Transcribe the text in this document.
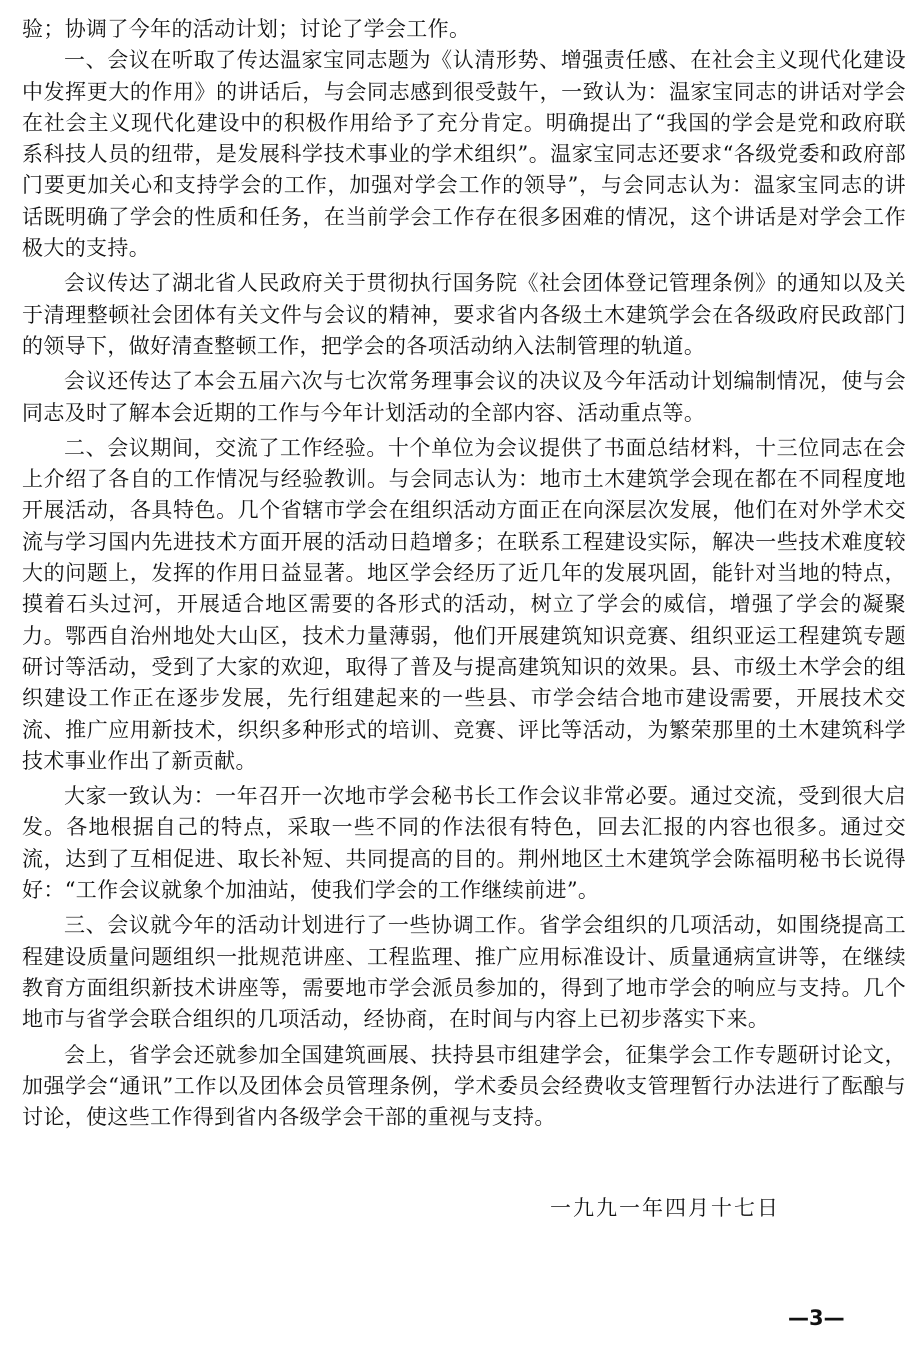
验；协调了今年的活动计划；讨论了学会工作。

一、会议在听取了传达温家宝同志题为《认清形势、增强责任感、在社会主义现代化建设中发挥更大的作用》的讲话后，与会同志感到很受鼓午，一致认为：温家宝同志的讲话对学会在社会主义现代化建设中的积极作用给予了充分肯定。明确提出了“我国的学会是党和政府联系科技人员的纽带，是发展科学技术事业的学术组织”。温家宝同志还要求“各级党委和政府部门要更加关心和支持学会的工作，加强对学会工作的领导”，与会同志认为：温家宝同志的讲话既明确了学会的性质和任务，在当前学会工作存在很多困难的情况，这个讲话是对学会工作极大的支持。

会议传达了湖北省人民政府关于贯彻执行国务院《社会团体登记管理条例》的通知以及关于清理整顿社会团体有关文件与会议的精神，要求省内各级土木建筑学会在各级政府民政部门的领导下，做好清查整顿工作，把学会的各项活动纳入法制管理的轨道。

会议还传达了本会五届六次与七次常务理事会议的决议及今年活动计划编制情况，使与会同志及时了解本会近期的工作与今年计划活动的全部内容、活动重点等。

二、会议期间，交流了工作经验。十个单位为会议提供了书面总结材料，十三位同志在会上介绍了各自的工作情况与经验教训。与会同志认为：地市土木建筑学会现在都在不同程度地开展活动，各具特色。几个省辖市学会在组织活动方面正在向深层次发展，他们在对外学术交流与学习国内先进技术方面开展的活动日趋增多；在联系工程建设实际，解决一些技术难度较大的问题上，发挥的作用日益显著。地区学会经历了近几年的发展巩固，能针对当地的特点，摸着石头过河，开展适合地区需要的各形式的活动，树立了学会的威信，增强了学会的凝聚力。鄂西自治州地处大山区，技术力量薄弱，他们开展建筑知识竞赛、组织亚运工程建筑专题研讨等活动，受到了大家的欢迎，取得了普及与提高建筑知识的效果。县、市级土木学会的组织建设工作正在逐步发展，先行组建起来的一些县、市学会结合地市建设需要，开展技术交流、推广应用新技术，织织多种形式的培训、竞赛、评比等活动，为繁荣那里的土木建筑科学技术事业作出了新贡献。

大家一致认为：一年召开一次地市学会秘书长工作会议非常必要。通过交流，受到很大启发。各地根据自己的特点，采取一些不同的作法很有特色，回去汇报的内容也很多。通过交流，达到了互相促进、取长补短、共同提高的目的。荆州地区土木建筑学会陈福明秘书长说得好：“工作会议就象个加油站，使我们学会的工作继续前进”。

三、会议就今年的活动计划进行了一些协调工作。省学会组织的几项活动，如围绕提高工程建设质量问题组织一批规范讲座、工程监理、推广应用标准设计、质量通病宣讲等，在继续教育方面组织新技术讲座等，需要地市学会派员参加的，得到了地市学会的响应与支持。几个地市与省学会联合组织的几项活动，经协商，在时间与内容上已初步落实下来。

会上，省学会还就参加全国建筑画展、扶持县市组建学会，征集学会工作专题研讨论文，加强学会“通讯”工作以及团体会员管理条例，学术委员会经费收支管理暂行办法进行了酝酿与讨论，使这些工作得到省内各级学会干部的重视与支持。

一九九一年四月十七日
—3—
